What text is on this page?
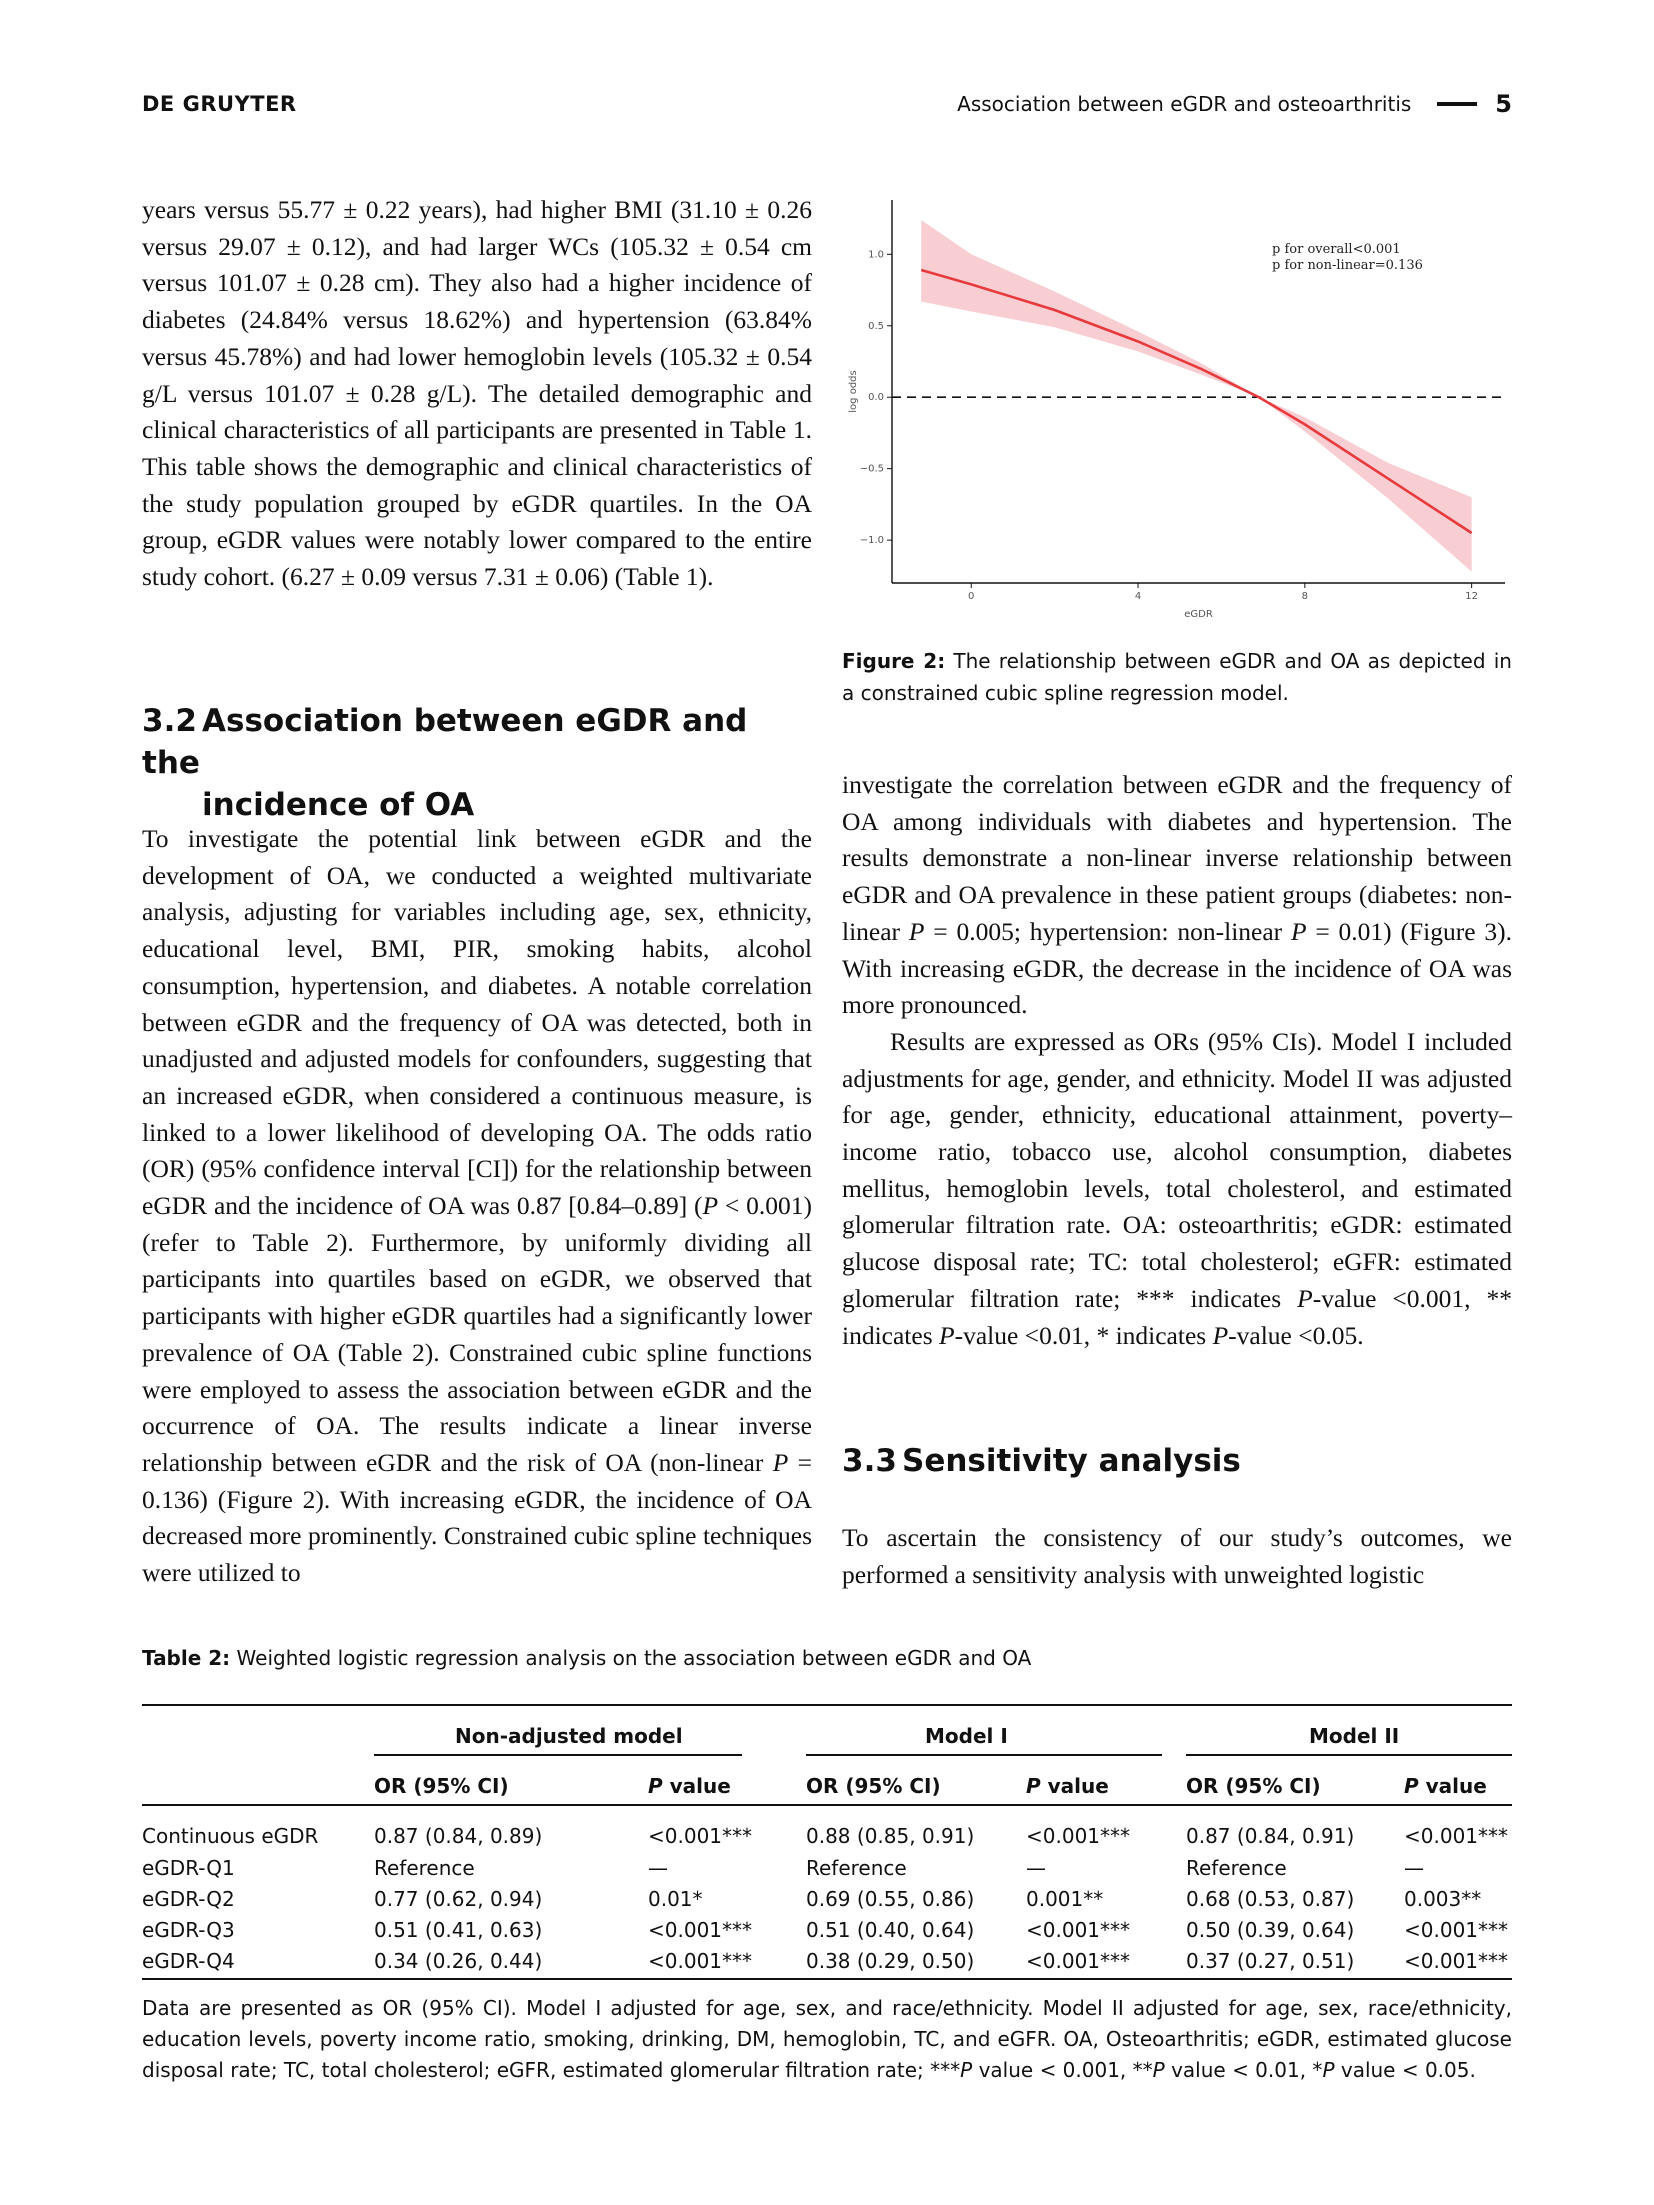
DE GRUYTER	Association between eGDR and osteoarthritis	5

years versus 55.77 ± 0.22 years), had higher BMI (31.10 ± 0.26 versus 29.07 ± 0.12), and had larger WCs (105.32 ± 0.54 cm versus 101.07 ± 0.28 cm). They also had a higher incidence of diabetes (24.84% versus 18.62%) and hypertension (63.84% versus 45.78%) and had lower hemoglobin levels (105.32 ± 0.54 g/L versus 101.07 ± 0.28 g/L). The detailed demographic and clinical characteristics of all participants are presented in Table 1. This table shows the demographic and clinical characteristics of the study population grouped by eGDR quartiles. In the OA group, eGDR values were notably lower compared to the entire study cohort. (6.27 ± 0.09 versus 7.31 ± 0.06) (Table 1).

3.2 Association between eGDR and the
incidence of OA

To investigate the potential link between eGDR and the development of OA, we conducted a weighted multivariate analysis, adjusting for variables including age, sex, ethnicity, educational level, BMI, PIR, smoking habits, alcohol consumption, hypertension, and diabetes. A notable correlation between eGDR and the frequency of OA was detected, both in unadjusted and adjusted models for confounders, suggesting that an increased eGDR, when considered a continuous measure, is linked to a lower likelihood of developing OA. The odds ratio (OR) (95% confidence interval [CI]) for the relationship between eGDR and the incidence of OA was 0.87 [0.84–0.89] (P < 0.001) (refer to Table 2). Furthermore, by uniformly dividing all participants into quartiles based on eGDR, we observed that participants with higher eGDR quartiles had a significantly lower prevalence of OA (Table 2). Constrained cubic spline functions were employed to assess the association between eGDR and the occurrence of OA. The results indicate a linear inverse relationship between eGDR and the risk of OA (non-linear P = 0.136) (Figure 2). With increasing eGDR, the incidence of OA decreased more prominently. Constrained cubic spline techniques were utilized to

−1.0
−0.5
0.0
0.5
1.0
0	4	8	12
eGDR
log odds
p for overall<0.001
p for non-linear=0.136
Figure 2: The relationship between eGDR and OA as depicted in a constrained cubic spline regression model.

investigate the correlation between eGDR and the frequency of OA among individuals with diabetes and hypertension. The results demonstrate a non-linear inverse relationship between eGDR and OA prevalence in these patient groups (diabetes: non-linear P = 0.005; hypertension: non-linear P = 0.01) (Figure 3). With increasing eGDR, the decrease in the incidence of OA was more pronounced.

Results are expressed as ORs (95% CIs). Model I included adjustments for age, gender, and ethnicity. Model II was adjusted for age, gender, ethnicity, educational attainment, poverty–income ratio, tobacco use, alcohol consumption, diabetes mellitus, hemoglobin levels, total cholesterol, and estimated glomerular filtration rate. OA: osteoarthritis; eGDR: estimated glucose disposal rate; TC: total cholesterol; eGFR: estimated glomerular filtration rate; *** indicates P-value <0.001, ** indicates P-value <0.01, * indicates P-value <0.05.

3.3 Sensitivity analysis

To ascertain the consistency of our study’s outcomes, we performed a sensitivity analysis with unweighted logistic

Table 2: Weighted logistic regression analysis on the association between eGDR and OA
Non-adjusted model	Model I	Model II
OR (95% CI)	P value	OR (95% CI)	P value	OR (95% CI)	P value
Continuous eGDR	0.87 (0.84, 0.89)	<0.001***	0.88 (0.85, 0.91)	<0.001***	0.87 (0.84, 0.91) <0.001***
eGDR-Q1	Reference	—	Reference	—	Reference	—
eGDR-Q2	0.77 (0.62, 0.94)	0.01*	0.69 (0.55, 0.86)	0.001**	0.68 (0.53, 0.87) 0.003**
eGDR-Q3	0.51 (0.41, 0.63)	<0.001***	0.51 (0.40, 0.64)	<0.001***	0.50 (0.39, 0.64) <0.001***
eGDR-Q4	0.34 (0.26, 0.44)	<0.001***	0.38 (0.29, 0.50)	<0.001***	0.37 (0.27, 0.51) <0.001***
Data are presented as OR (95% CI). Model I adjusted for age, sex, and race/ethnicity. Model II adjusted for age, sex, race/ethnicity, education levels, poverty income ratio, smoking, drinking, DM, hemoglobin, TC, and eGFR. OA, Osteoarthritis; eGDR, estimated glucose disposal rate; TC, total cholesterol; eGFR, estimated glomerular filtration rate; ***P value < 0.001, **P value < 0.01, *P value < 0.05.
